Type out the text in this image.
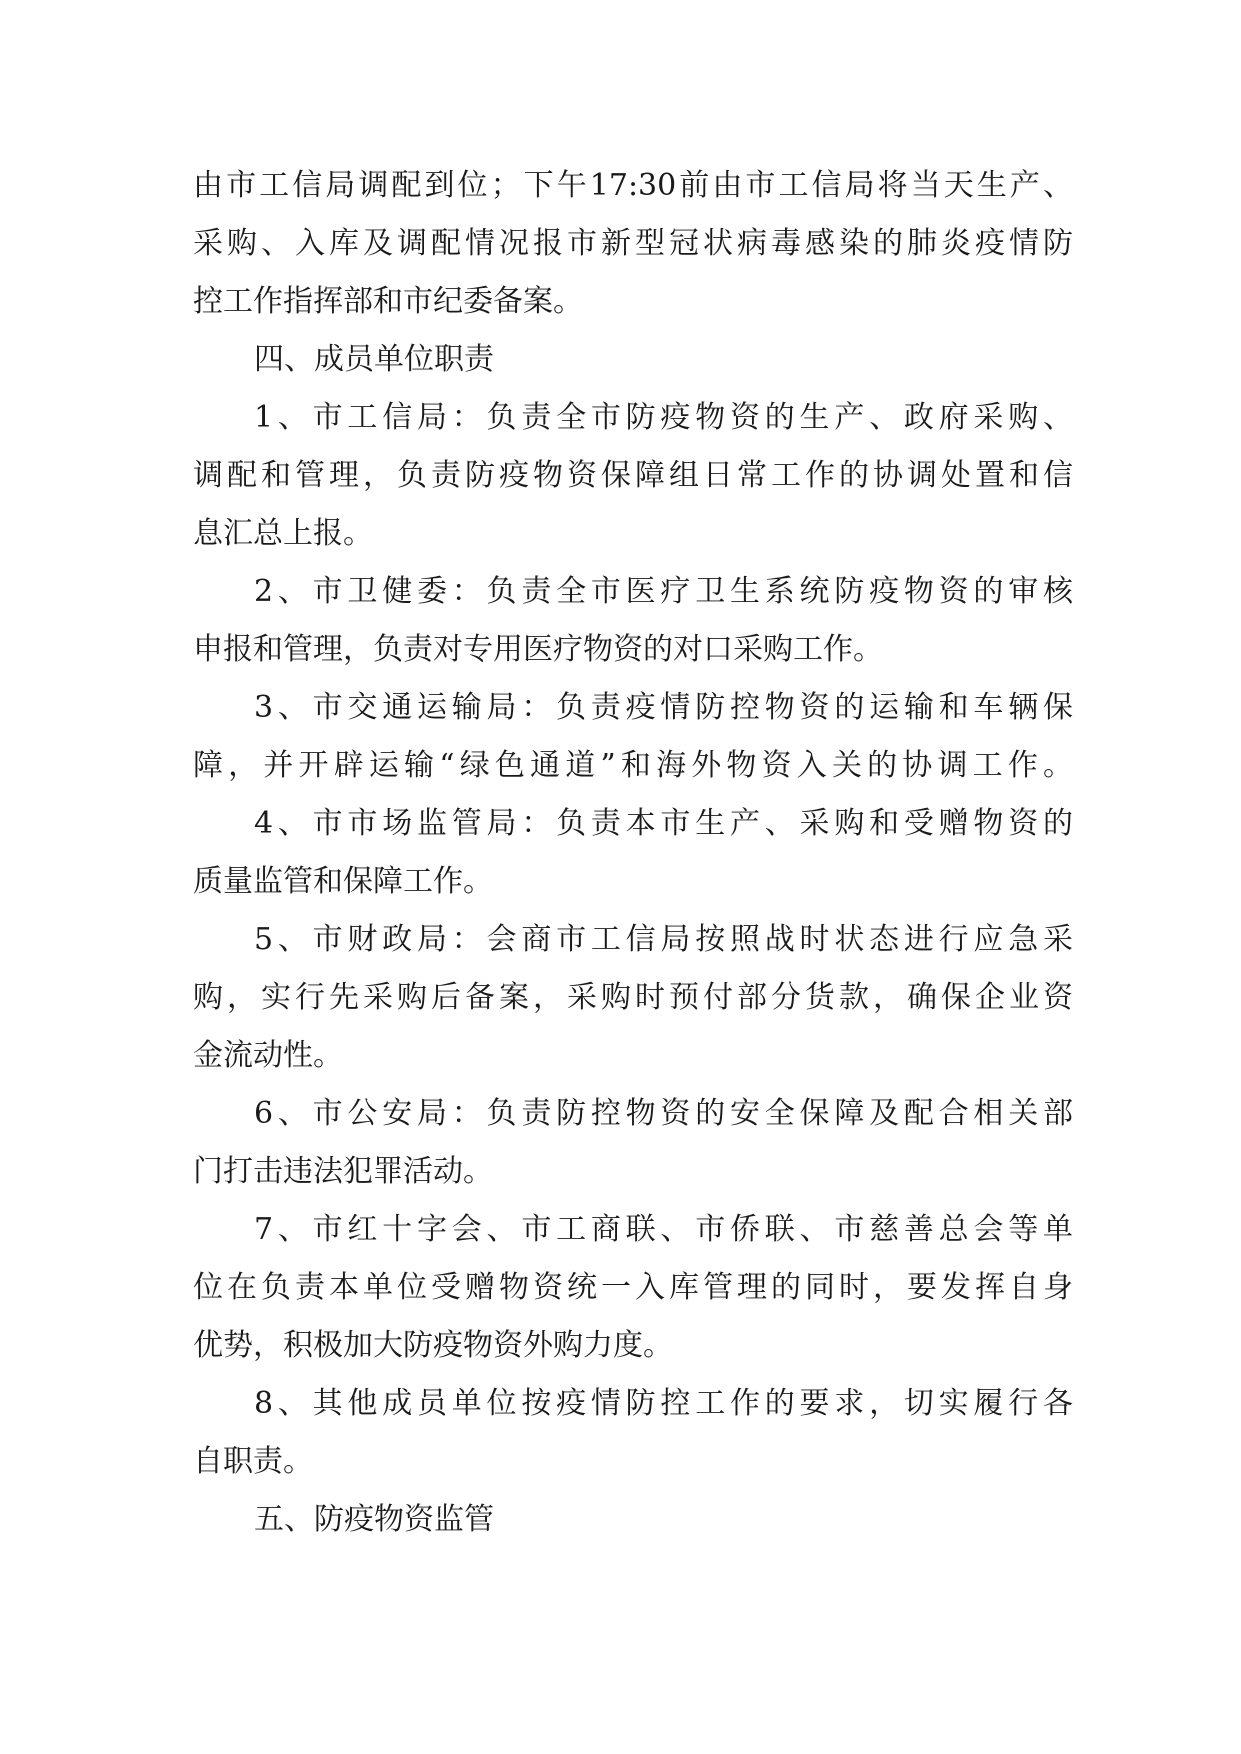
由市工信局调配到位；下午17:30前由市工信局将当天生产、
采购、入库及调配情况报市新型冠状病毒感染的肺炎疫情防
控工作指挥部和市纪委备案。
四、成员单位职责
1、市工信局：负责全市防疫物资的生产、政府采购、
调配和管理，负责防疫物资保障组日常工作的协调处置和信
息汇总上报。
2、市卫健委：负责全市医疗卫生系统防疫物资的审核
申报和管理，负责对专用医疗物资的对口采购工作。
3、市交通运输局：负责疫情防控物资的运输和车辆保
障，并开辟运输“绿色通道”和海外物资入关的协调工作。
4、市市场监管局：负责本市生产、采购和受赠物资的
质量监管和保障工作。
5、市财政局：会商市工信局按照战时状态进行应急采
购，实行先采购后备案，采购时预付部分货款，确保企业资
金流动性。
6、市公安局：负责防控物资的安全保障及配合相关部
门打击违法犯罪活动。
7、市红十字会、市工商联、市侨联、市慈善总会等单
位在负责本单位受赠物资统一入库管理的同时，要发挥自身
优势，积极加大防疫物资外购力度。
8、其他成员单位按疫情防控工作的要求，切实履行各
自职责。
五、防疫物资监管
